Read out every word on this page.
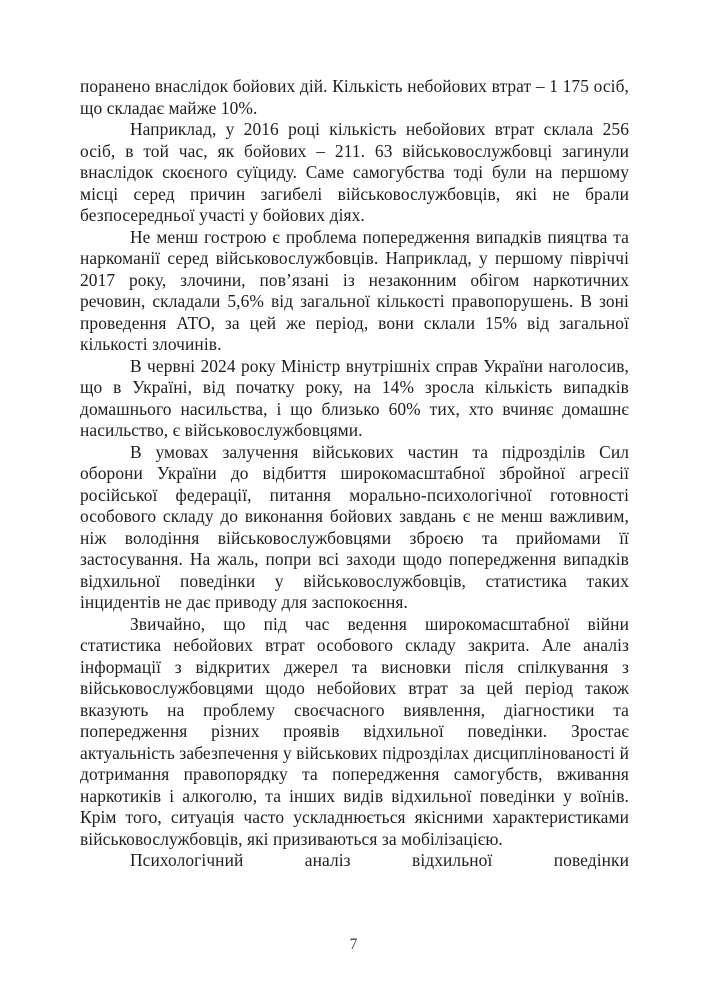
поранено внаслідок бойових дій. Кількість небойових втрат – 1 175 осіб, що складає майже 10%.

Наприклад, у 2016 році кількість небойових втрат склала 256 осіб, в той час, як бойових – 211. 63 військовослужбовці загинули внаслідок скоєного суїциду. Саме самогубства тоді були на першому місці серед причин загибелі військовослужбовців, які не брали безпосередньої участі у бойових діях.

Не менш гострою є проблема попередження випадків пияцтва та наркоманії серед військовослужбовців. Наприклад, у першому півріччі 2017 року, злочини, пов’язані із незаконним обігом наркотичних речовин, складали 5,6% від загальної кількості правопорушень. В зоні проведення АТО, за цей же період, вони склали 15% від загальної кількості злочинів.

В червні 2024 року Міністр внутрішніх справ України наголосив, що в Україні, від початку року, на 14% зросла кількість випадків домашнього насильства, і що близько 60% тих, хто вчиняє домашнє насильство, є військовослужбовцями.

В умовах залучення військових частин та підрозділів Сил оборони України до відбиття широкомасштабної збройної агресії російської федерації, питання морально-психологічної готовності особового складу до виконання бойових завдань є не менш важливим, ніж володіння військовослужбовцями зброєю та прийомами її застосування. На жаль, попри всі заходи щодо попередження випадків відхильної поведінки у військовослужбовців, статистика таких інцидентів не дає приводу для заспокоєння.

Звичайно, що під час ведення широкомасштабної війни статистика небойових втрат особового складу закрита. Але аналіз інформації з відкритих джерел та висновки після спілкування з військовослужбовцями щодо небойових втрат за цей період також вказують на проблему своєчасного виявлення, діагностики та попередження різних проявів відхильної поведінки. Зростає актуальність забезпечення у військових підрозділах дисциплінованості й дотримання правопорядку та попередження самогубств, вживання наркотиків і алкоголю, та інших видів відхильної поведінки у воїнів. Крім того, ситуація часто ускладнюється якісними характеристиками військовослужбовців, які призиваються за мобілізацією.

Психологічний аналіз відхильної поведінки

7
